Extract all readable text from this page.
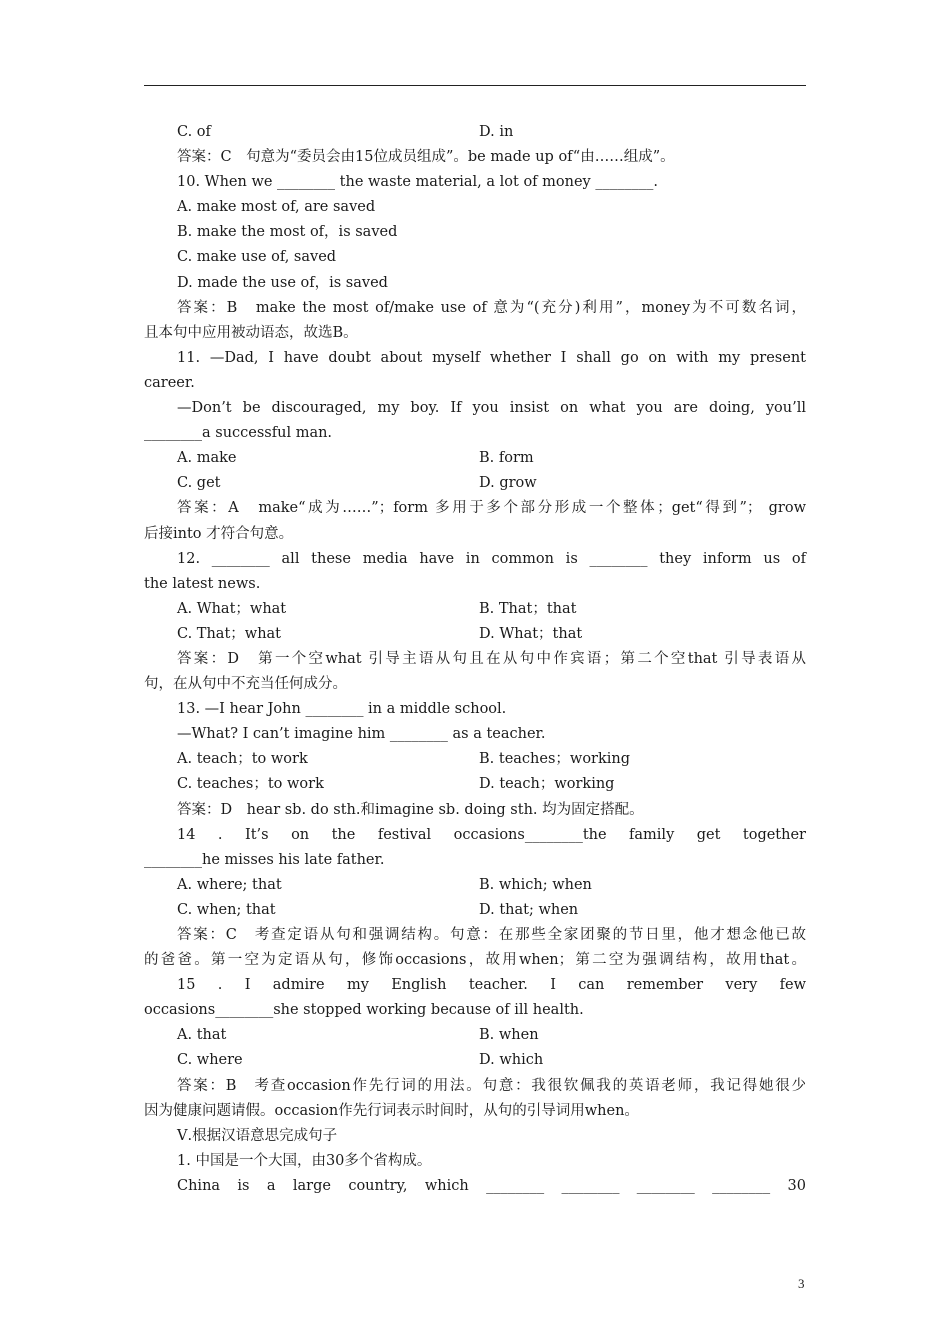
C. of	D. in
答案：C　句意为“委员会由15位成员组成”。be made up of“由……组成”。
10. When we ________ the waste material, a lot of money ________.
A. make most of, are saved
B. make the most of，is saved
C. make use of, saved
D. made the use of，is saved
答案：B　make the most of/make use of 意为“(充分)利用”，money为不可数名词，
且本句中应用被动语态，故选B。
11. —Dad, I have doubt about myself whether I shall go on with my present
career.
—Don’t be discouraged, my boy. If you insist on what you are doing, you’ll
________a successful man.
A. make	B. form
C. get	D. grow
答案：A　make“成为……”；form 多用于多个部分形成一个整体；get“得到”； grow
后接into 才符合句意。
12. ________ all these media have in common is ________ they inform us of
the latest news.
A. What；what	B. That；that
C. That；what	D. What；that
答案：D　第一个空what 引导主语从句且在从句中作宾语；第二个空that 引导表语从
句，在从句中不充当任何成分。
13. —I hear John ________ in a middle school.
—What? I can’t imagine him ________ as a teacher.
A. teach；to work	B. teaches；working
C. teaches；to work	D. teach；working
答案：D　hear sb. do sth.和imagine sb. doing sth. 均为固定搭配。
14 . It’s on the festival occasions________the family get together
________he misses his late father.
A. where; that	B. which; when
C. when; that	D. that; when
答案：C　考查定语从句和强调结构。句意：在那些全家团聚的节日里，他才想念他已故
的爸爸。第一空为定语从句，修饰occasions，故用when；第二空为强调结构，故用that。
15 . I admire my English teacher. I can remember very few
occasions________she stopped working because of ill health.
A. that	B. when
C. where	D. which
答案：B　考查occasion作先行词的用法。句意：我很钦佩我的英语老师，我记得她很少
因为健康问题请假。occasion作先行词表示时间时，从句的引导词用when。
Ⅴ.根据汉语意思完成句子
1. 中国是一个大国，由30多个省构成。
China is a large country, which ________ ________ ________ ________ 30
3
